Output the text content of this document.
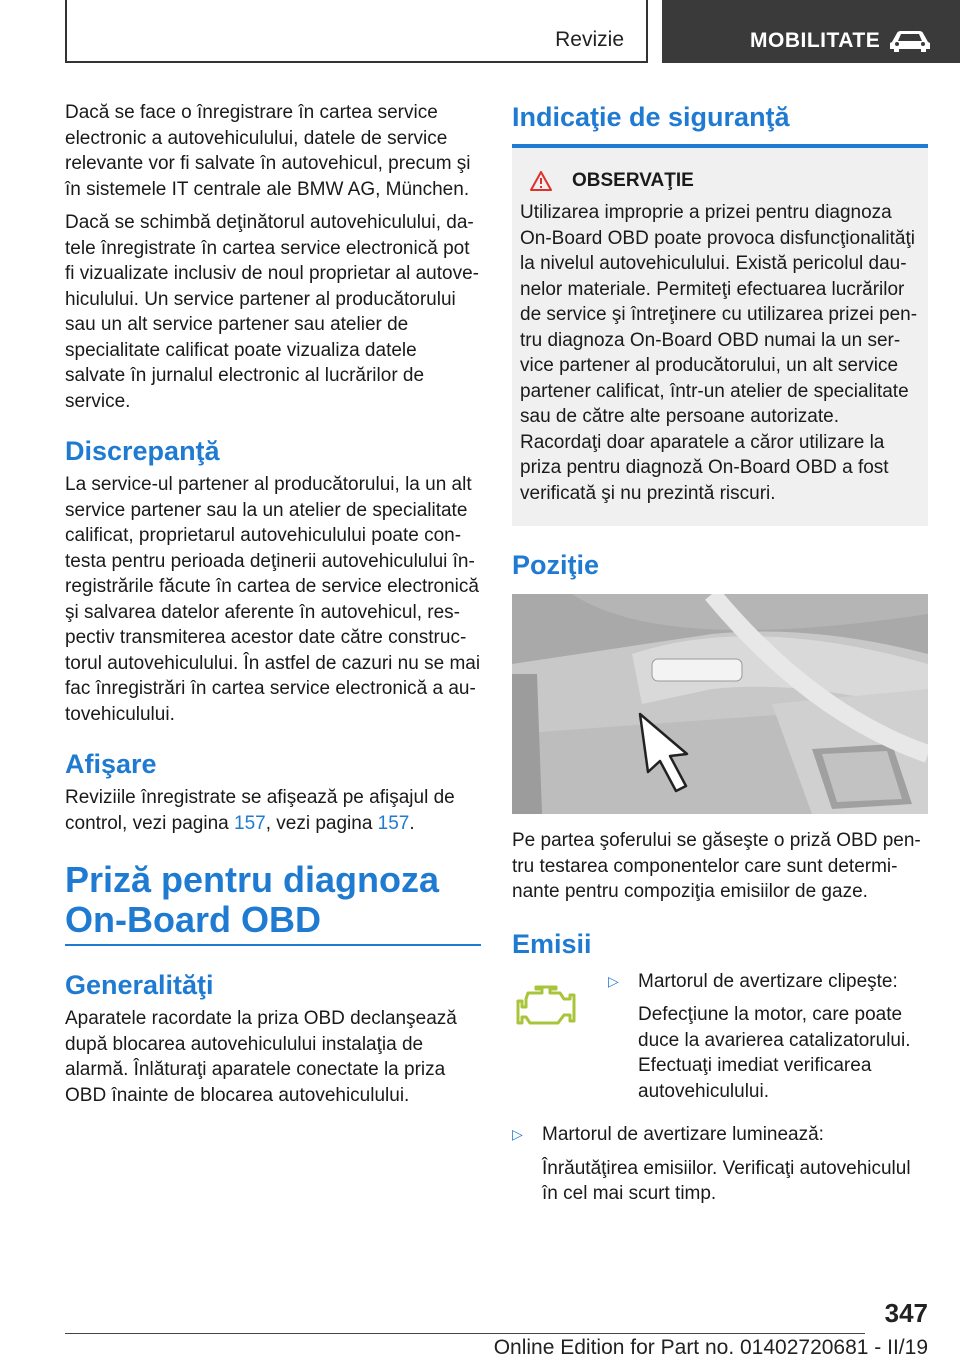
Revizie	MOBILITATE

Dacă se face o înregistrare în cartea service electronic a autovehiculului, datele de service relevante vor fi salvate în autovehicul, precum şi în sistemele IT centrale ale BMW AG, München.

Dacă se schimbă deţinătorul autovehiculului, datele înregistrate în cartea service electronică pot fi vizualizate inclusiv de noul proprietar al autovehiculului. Un service partener al producătorului sau un alt service partener sau atelier de specialitate calificat poate vizualiza datele salvate în jurnalul electronic al lucrărilor de service.

Discrepanţă

La service-ul partener al producătorului, la un alt service partener sau la un atelier de specialitate calificat, proprietarul autovehiculului poate contesta pentru perioada deţinerii autovehiculului înregistrările făcute în cartea de service electronică şi salvarea datelor aferente în autovehicul, respectiv transmiterea acestor date către constructorul autovehiculului. În astfel de cazuri nu se mai fac înregistrări în cartea service electronică a autovehiculului.

Afişare

Reviziile înregistrate se afişează pe afişajul de control, vezi pagina 157, vezi pagina 157.

Priză pentru diagnoza On-Board OBD
Generalităţi

Aparatele racordate la priza OBD declanşează după blocarea autovehiculului instalaţia de alarmă. Înlăturaţi aparatele conectate la priza OBD înainte de blocarea autovehiculului.

Indicaţie de siguranţă
OBSERVAŢIE

Utilizarea improprie a prizei pentru diagnoza On-Board OBD poate provoca disfuncţionalităţi la nivelul autovehiculului. Există pericolul daunelor materiale. Permiteţi efectuarea lucrărilor de service şi întreţinere cu utilizarea prizei pentru diagnoza On-Board OBD numai la un service partener al producătorului, un alt service partener calificat, într-un atelier de specialitate sau de către alte persoane autorizate. Racordaţi doar aparatele a căror utilizare la priza pentru diagnoză On-Board OBD a fost verificată şi nu prezintă riscuri.

Poziţie

Pe partea şoferului se găseşte o priză OBD pentru testarea componentelor care sunt determinante pentru compoziţia emisiilor de gaze.

Emisii
▷	Martorul de avertizare clipeşte:

Defecţiune la motor, care poate duce la avarierea catalizatorului. Efectuaţi imediat verificarea autovehiculului.

▷	Martorul de avertizare luminează:

Înrăutăţirea emisiilor. Verificaţi autovehiculul în cel mai scurt timp.

347
Online Edition for Part no. 01402720681 - II/19
